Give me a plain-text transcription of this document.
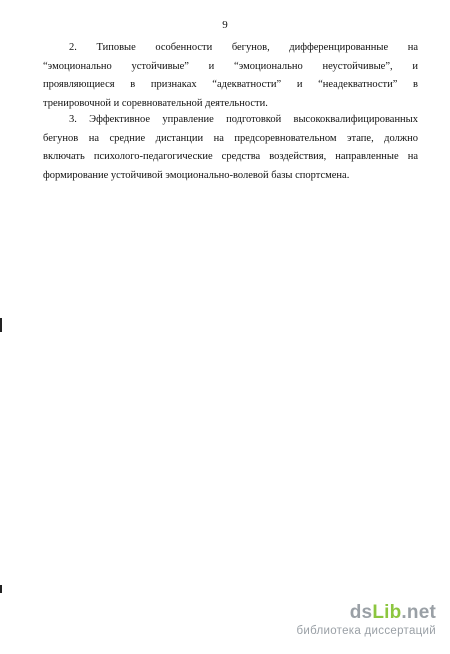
9
2. Типовые особенности бегунов, дифференцированные на
“эмоционально устойчивые” и “эмоционально неустойчивые”, и
проявляющиеся в признаках “адекватности” и “неадекватности” в
тренировочной и соревновательной деятельности.
3. Эффективное управление подготовкой высококвалифицированных
бегунов на средние дистанции на предсоревновательном этапе, должно
включать психолого-педагогические средства воздействия, направленные на
формирование устойчивой эмоционально-волевой базы спортсмена.
dsLib.net
библиотека диссертаций
